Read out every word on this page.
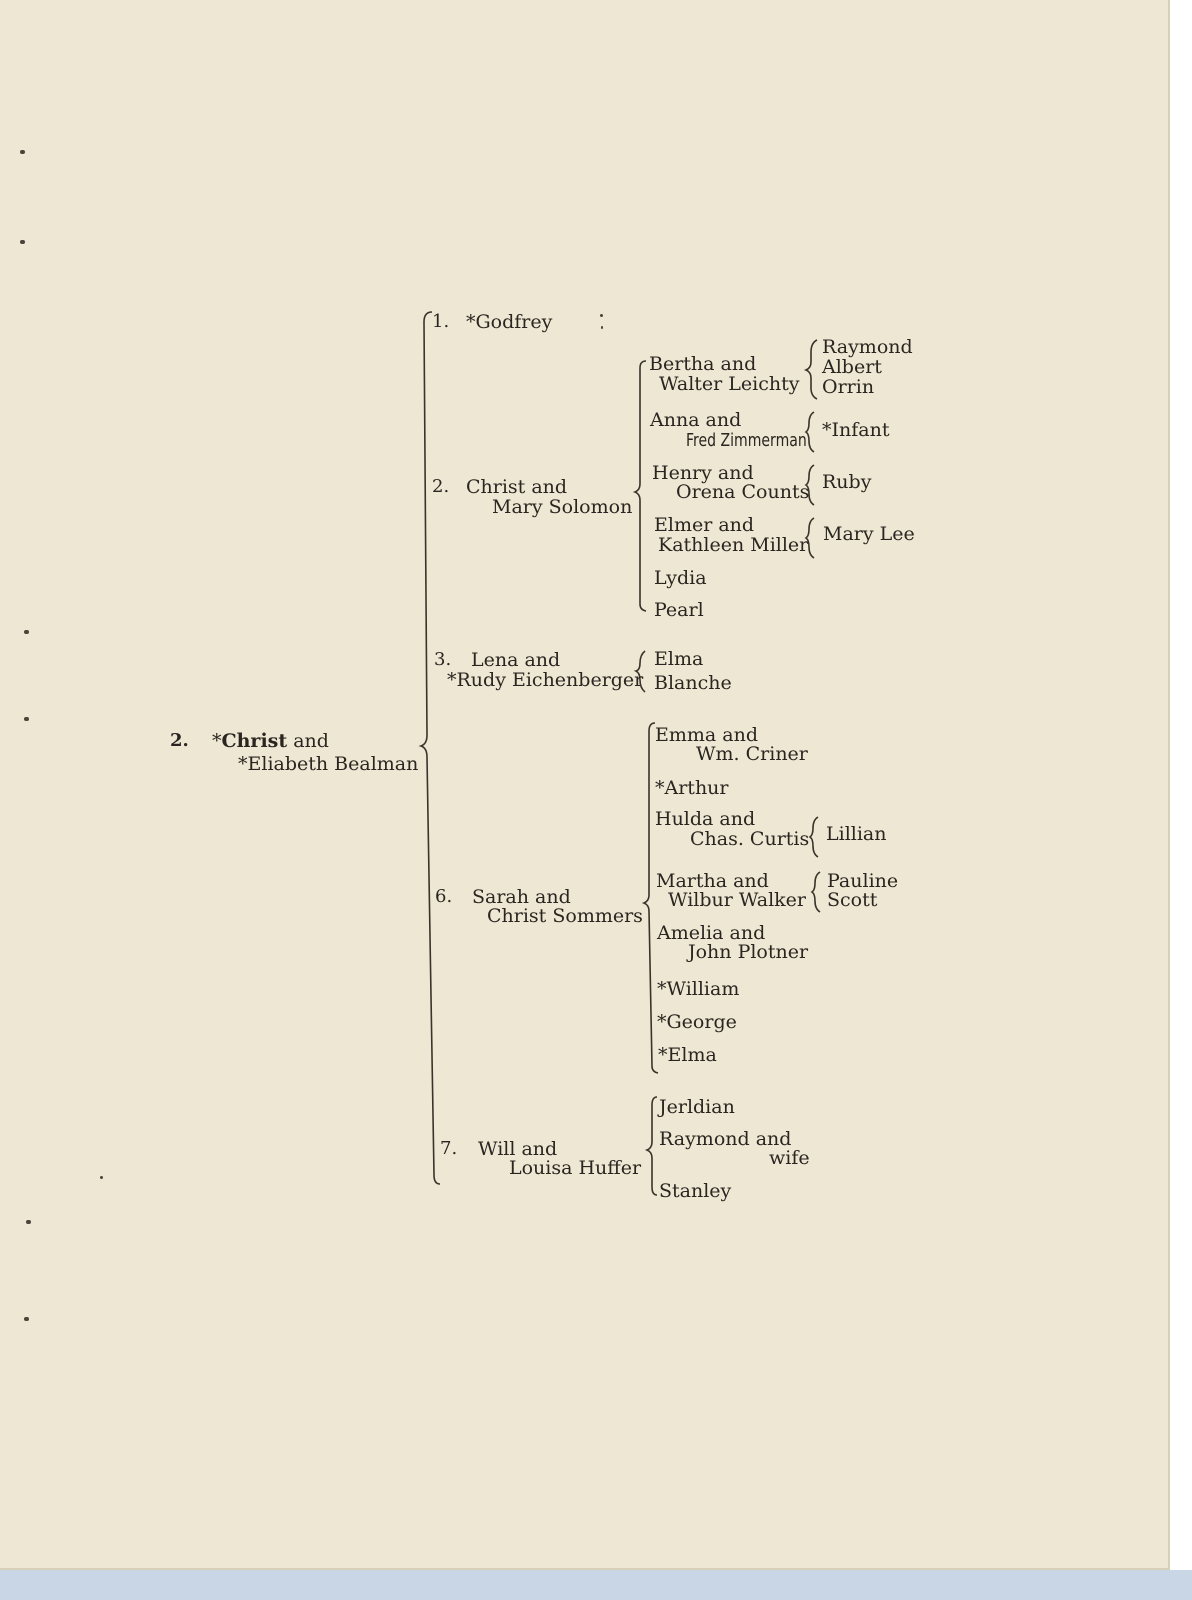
2. *Christ and

*Eliabeth Bealman

1. *Godfrey

2. Christ and

Mary Solomon

Bertha and

Walter Leichty

Raymond

Albert

Orrin

Anna and

Fred Zimmerman *Infant

Henry and

Orena Counts Ruby

Elmer and

Kathleen Miller Mary Lee

Lydia

Pearl

3. Lena and

*Rudy Eichenberger

Elma

Blanche

6. Sarah and

Christ Sommers

Emma and

Wm. Criner

*Arthur

Hulda and

Chas. Curtis Lillian

Martha and

Wilbur Walker

Pauline

Scott

Amelia and

John Plotner

*William

*George

*Elma

7. Will and

Louisa Huffer

Jerldian

Raymond and

wife

Stanley
